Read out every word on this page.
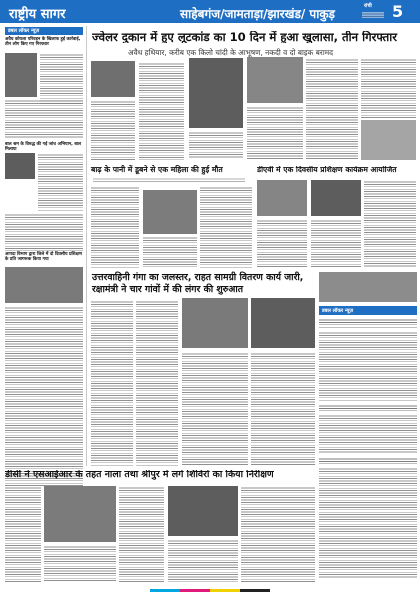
राष्ट्रीय सागर	साहेबगंज/जामताड़ा/झारखंड/ पाकुड़
रांची 5
डबल लॉकर न्यूज़
अवैध कोयला परिवहन के खिलाफ हुई कार्रवाई, तीन लोग किए गए गिरफ्तार
बाल श्रम के विरुद्ध की गई जांच अभियान, बाल मिलाया
आपदा विभाग द्वारा जिले में दो दिवसीय प्रशिक्षण के प्रति जागरूक किया गया
ज्वेलर दुकान में हुए लूटकांड का 10 दिन में हुआ खुलासा, तीन गिरफ्तार
अवैध हथियार, करीब एक किलो चांदी के आभूषण, नकदी व दो बाइक बरामद
बाढ़ के पानी में डूबने से एक महिला की हुई मौत	डीएवी में एक दिवसीय प्रशिक्षण कार्यक्रम आयोजित
उत्तरवाहिनी गंगा का जलस्तर, राहत सामग्री वितरण कार्य जारी, रक्षामंत्री ने चार गांवों में की लंगर की शुरुआत
डबल लॉकर न्यूज़
डीसी ने एसआईआर के तहत नाला तथा श्रीपुर में लगे शिविरों का किया निरीक्षण
